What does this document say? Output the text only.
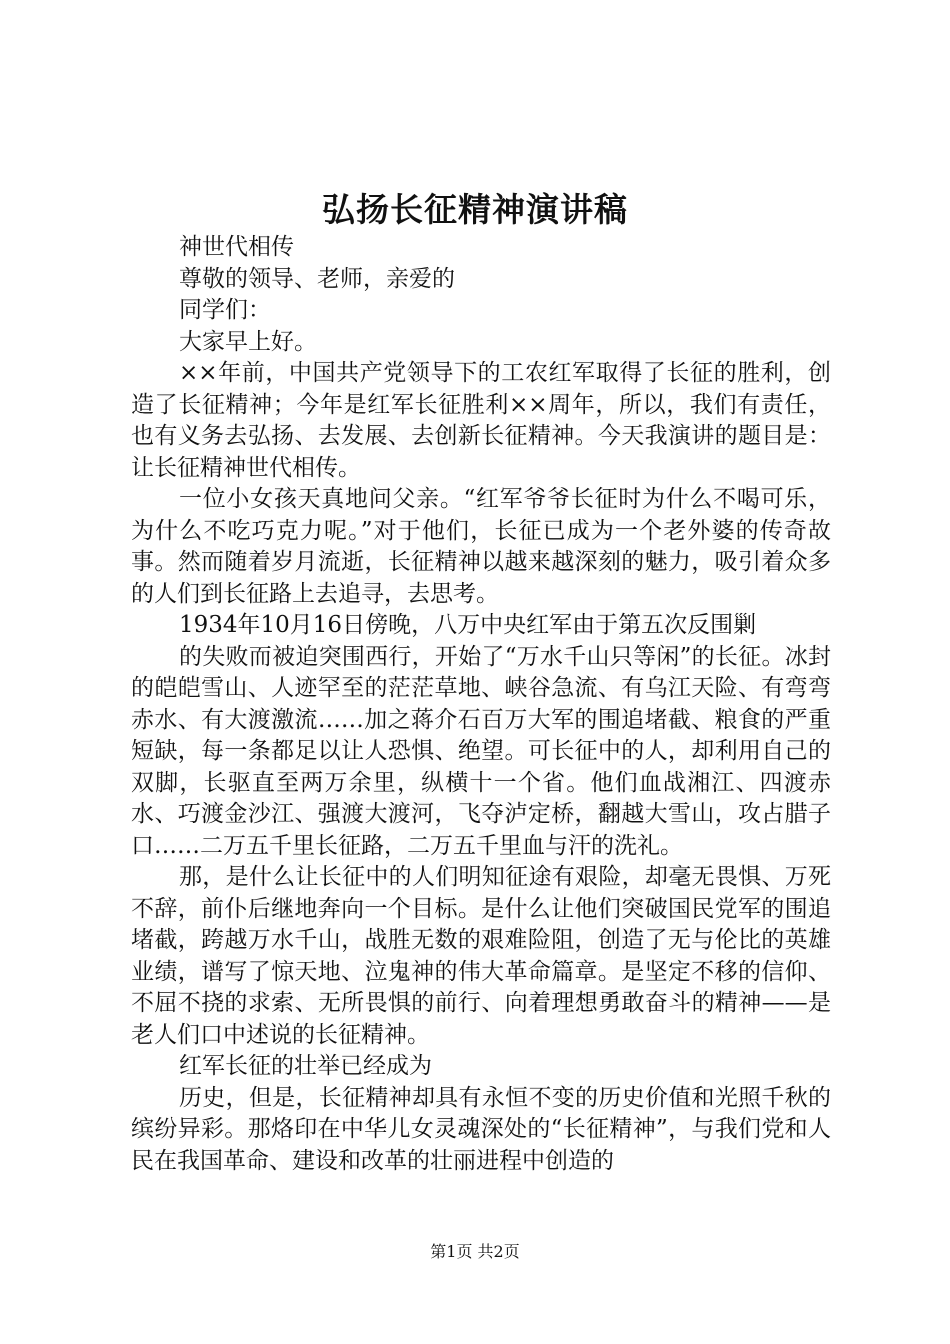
弘扬长征精神演讲稿

神世代相传

尊敬的领导、老师，亲爱的

同学们：

大家早上好。

××年前，中国共产党领导下的工农红军取得了长征的胜利，创造了长征精神；今年是红军长征胜利××周年，所以，我们有责任，也有义务去弘扬、去发展、去创新长征精神。今天我演讲的题目是：让长征精神世代相传。

一位小女孩天真地问父亲。“红军爷爷长征时为什么不喝可乐，为什么不吃巧克力呢。”对于他们，长征已成为一个老外婆的传奇故事。然而随着岁月流逝，长征精神以越来越深刻的魅力，吸引着众多的人们到长征路上去追寻，去思考。

1934年10月16日傍晚，八万中央红军由于第五次反围剿

的失败而被迫突围西行，开始了“万水千山只等闲”的长征。冰封的皑皑雪山、人迹罕至的茫茫草地、峡谷急流、有乌江天险、有弯弯赤水、有大渡激流……加之蒋介石百万大军的围追堵截、粮食的严重短缺，每一条都足以让人恐惧、绝望。可长征中的人，却利用自己的双脚，长驱直至两万余里，纵横十一个省。他们血战湘江、四渡赤水、巧渡金沙江、强渡大渡河，飞夺泸定桥，翻越大雪山，攻占腊子口……二万五千里长征路，二万五千里血与汗的洗礼。

那，是什么让长征中的人们明知征途有艰险，却毫无畏惧、万死不辞，前仆后继地奔向一个目标。是什么让他们突破国民党军的围追堵截，跨越万水千山，战胜无数的艰难险阻，创造了无与伦比的英雄业绩，谱写了惊天地、泣鬼神的伟大革命篇章。是坚定不移的信仰、不屈不挠的求索、无所畏惧的前行、向着理想勇敢奋斗的精神——是老人们口中述说的长征精神。

红军长征的壮举已经成为

历史，但是，长征精神却具有永恒不变的历史价值和光照千秋的缤纷异彩。那烙印在中华儿女灵魂深处的“长征精神”，与我们党和人民在我国革命、建设和改革的壮丽进程中创造的

第1页 共2页
